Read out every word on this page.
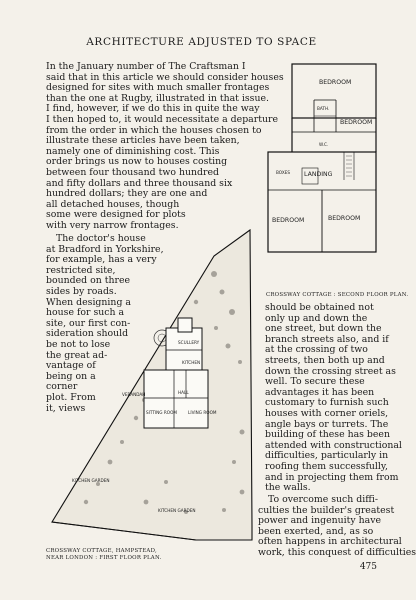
ARCHITECTURE ADJUSTED TO SPACE

In the January number of The Craftsman I
said that in this article we should consider houses
designed for sites with much smaller frontages
than the one at Rugby, illustrated in that issue.
I find, however, if we do this in quite the way
I then hoped to, it would necessitate a departure
from the order in which the houses chosen to
illustrate these articles have been taken,
namely one of diminishing cost. This
order brings us now to houses costing
between four thousand two hundred
and fifty dollars and three thousand six
hundred dollars; they are one and
all detached houses, though
some were designed for plots
with very narrow frontages.

The doctor's house
at Bradford in Yorkshire,
for example, has a very
restricted site,
bounded on three
sides by roads.
When designing a
house for such a
site, our first con-
sideration should
be not to lose
the great ad-
vantage of
being on a
corner
plot. From
it, views

should be obtained not
only up and down the
one street, but down the
branch streets also, and if
at the crossing of two
streets, then both up and
down the crossing street as
well. To secure these
advantages it has been
customary to furnish such
houses with corner oriels,
angle bays or turrets. The
building of these has been
attended with constructional
difficulties, particularly in
roofing them successfully,
and in projecting them from
the walls.

To overcome such diffi-
culties the builder's greatest
power and ingenuity have
been exerted, and, as so
often happens in architectural
work, this conquest of difficulties

BEDROOM
BATH.
BEDROOM
W.C.
LANDING
BOXES
BEDROOM	BEDROOM
CROSSWAY COTTAGE : SECOND FLOOR PLAN.
SCULLERY
KITCHEN
VERANDAH	HALL
SITTING ROOM	LIVING ROOM
KITCHEN GARDEN
KITCHEN GARDEN
CROSSWAY COTTAGE, HAMPSTEAD,
NEAR LONDON : FIRST FLOOR PLAN.
475
